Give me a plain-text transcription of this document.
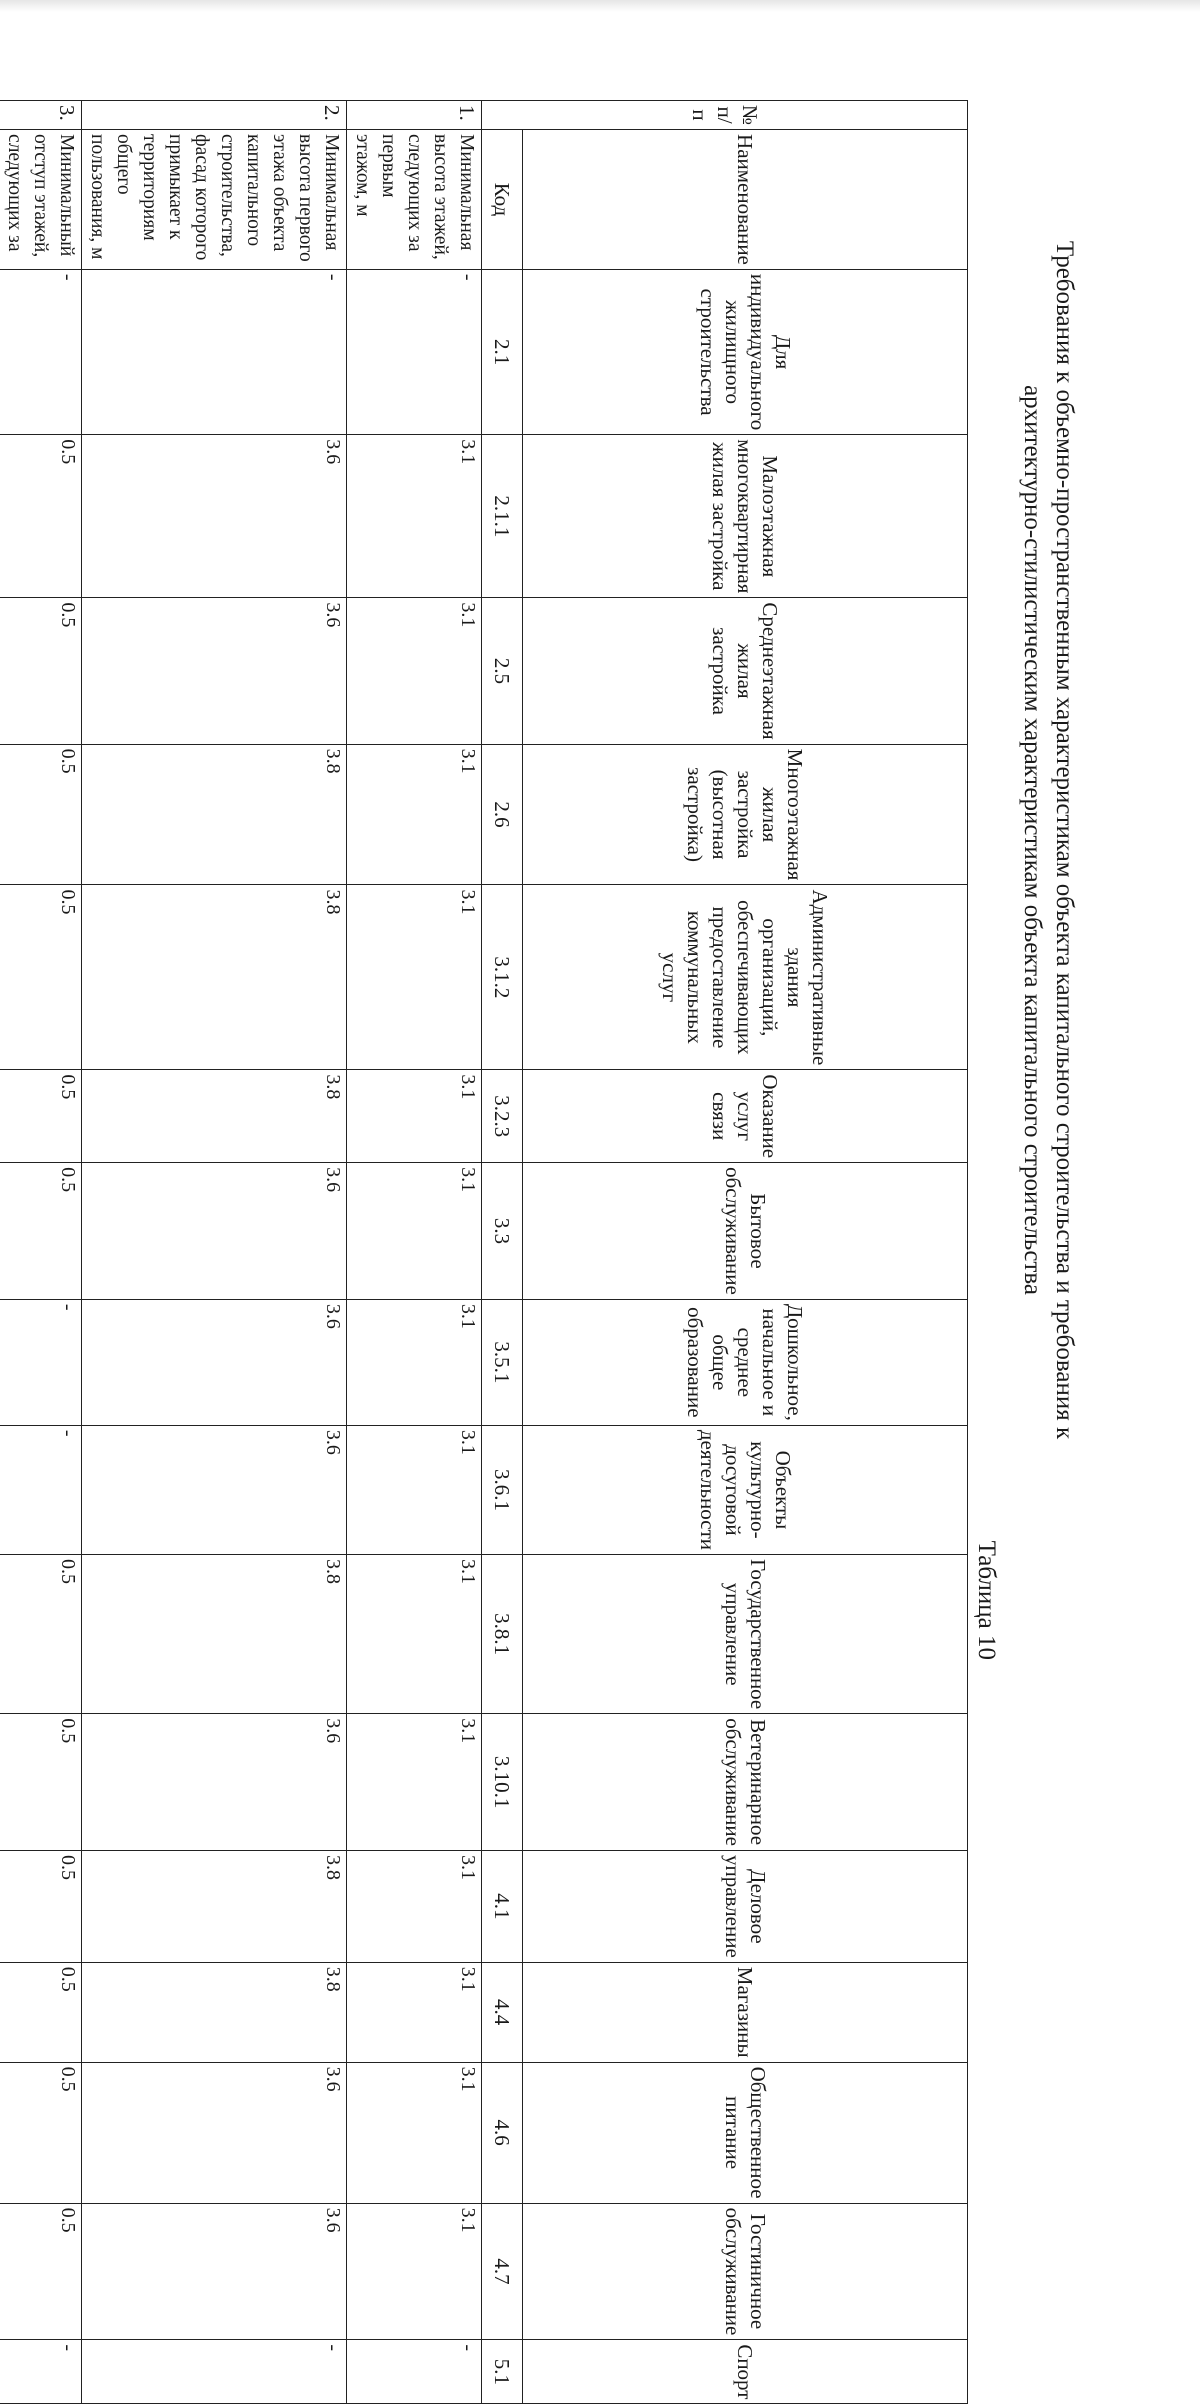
Требования к объемно-пространственным характеристикам объекта капитального строительства и требования к
архитектурно-стилистическим характеристикам объекта капитального строительства
Таблица 10
№ п/п	Наименование	Для индивидуального жилищного строительства	Малоэтажная многоквартирная жилая застройка	Среднеэтажная жилая застройка	Многоэтажная жилая застройка (высотная застройка)	Административные здания организаций, обеспечивающих предоставление коммунальных услуг	Оказание услуг связи	Бытовое обслуживание	Дошкольное, начальное и среднее общее образование	Объекты культурно-досуговой деятельности	Государственное управление	Ветеринарное обслуживание	Деловое управление	Магазины	Общественное питание	Гостиничное обслуживание	Спорт
	Код	2.1	2.1.1	2.5	2.6	3.1.2	3.2.3	3.3	3.5.1	3.6.1	3.8.1	3.10.1	4.1	4.4	4.6	4.7	5.1
1.	Минимальная высота этажей, следующих за первым этажом, м	-	3.1	3.1	3.1	3.1	3.1	3.1	3.1	3.1	3.1	3.1	3.1	3.1	3.1	3.1	-
2.	Минимальная высота первого этажа объекта капитального строительства, фасад которого примыкает к территориям общего пользования, м	-	3.6	3.6	3.8	3.8	3.8	3.6	3.6	3.6	3.8	3.6	3.8	3.8	3.6	3.6	-
3.	Минимальный отступ этажей, следующих за	-	0.5	0.5	0.5	0.5	0.5	0.5	-	-	0.5	0.5	0.5	0.5	0.5	0.5	-
